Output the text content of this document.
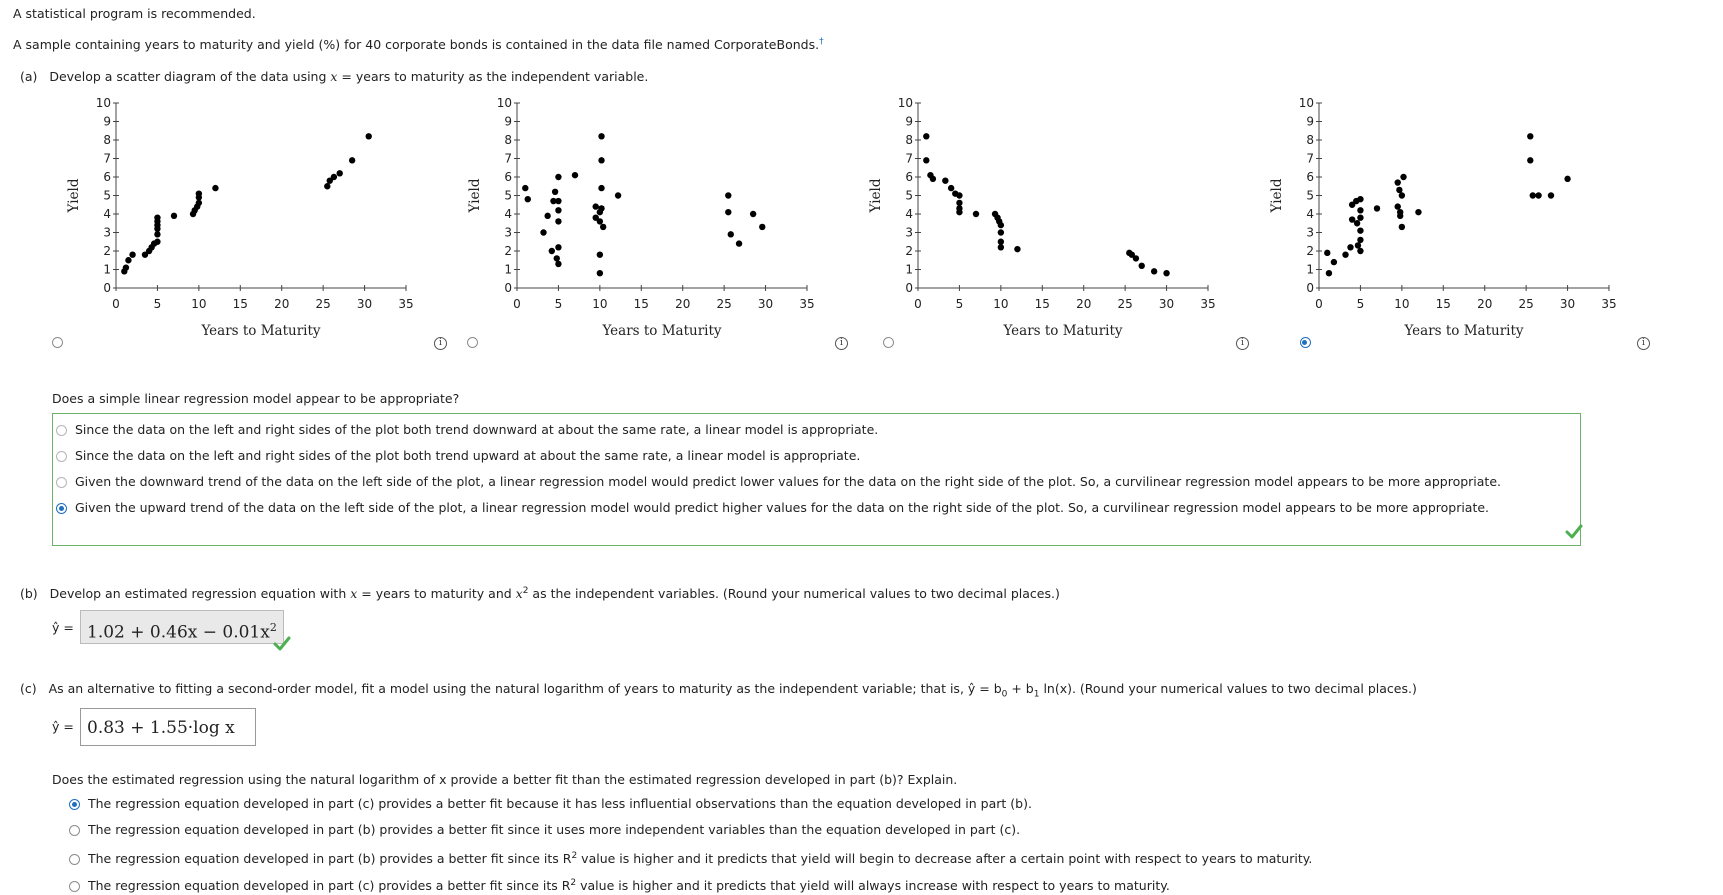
A statistical program is recommended.
A sample containing years to maturity and yield (%) for 40 corporate bonds is contained in the data file named CorporateBonds.†
(a) Develop a scatter diagram of the data using x = years to maturity as the independent variable.
0	5 10 15 20 25 30 35
0
1
2
3
4
5
6
7
8
9
10
Years to Maturity
Yield
0	5 10 15 20 25 30 35
0
1
2
3
4
5
6
7
8
9
10
Years to Maturity
Yield
0	5 10 15 20 25 30 35
0
1
2
3
4
5
6
7
8
9
10
Years to Maturity
Yield
0	5 10 15 20 25 30 35
0
1
2
3
4
5
6
7
8
9
10
Years to Maturity
Yield

i
	i
	i	i
Does a simple linear regression model appear to be appropriate?
Since the data on the left and right sides of the plot both trend downward at about the same rate, a linear model is appropriate.
Since the data on the left and right sides of the plot both trend upward at about the same rate, a linear model is appropriate.
Given the downward trend of the data on the left side of the plot, a linear regression model would predict lower values for the data on the right side of the plot. So, a curvilinear regression model appears to be more appropriate.
Given the upward trend of the data on the left side of the plot, a linear regression model would predict higher values for the data on the right side of the plot. So, a curvilinear regression model appears to be more appropriate.
(b) Develop an estimated regression equation with x = years to maturity and $x^2$ as the independent variables. (Round your numerical values to two decimal places.)
ŷ = $1.02 + 0.46x - 0.01x^2$
(c) As an alternative to fitting a second-order model, fit a model using the natural logarithm of years to maturity as the independent variable; that is, ŷ = $b_0 + b_1$ ln(x). (Round your numerical values to two decimal places.)
ŷ = 0.83 + 1.55·log x
Does the estimated regression using the natural logarithm of x provide a better fit than the estimated regression developed in part (b)? Explain.
The regression equation developed in part (c) provides a better fit because it has less influential observations than the equation developed in part (b).
The regression equation developed in part (b) provides a better fit since it uses more independent variables than the equation developed in part (c).
The regression equation developed in part (b) provides a better fit since its $R^2$ value is higher and it predicts that yield will begin to decrease after a certain point with respect to years to maturity.
The regression equation developed in part (c) provides a better fit since its $R^2$ value is higher and it predicts that yield will always increase with respect to years to maturity.
